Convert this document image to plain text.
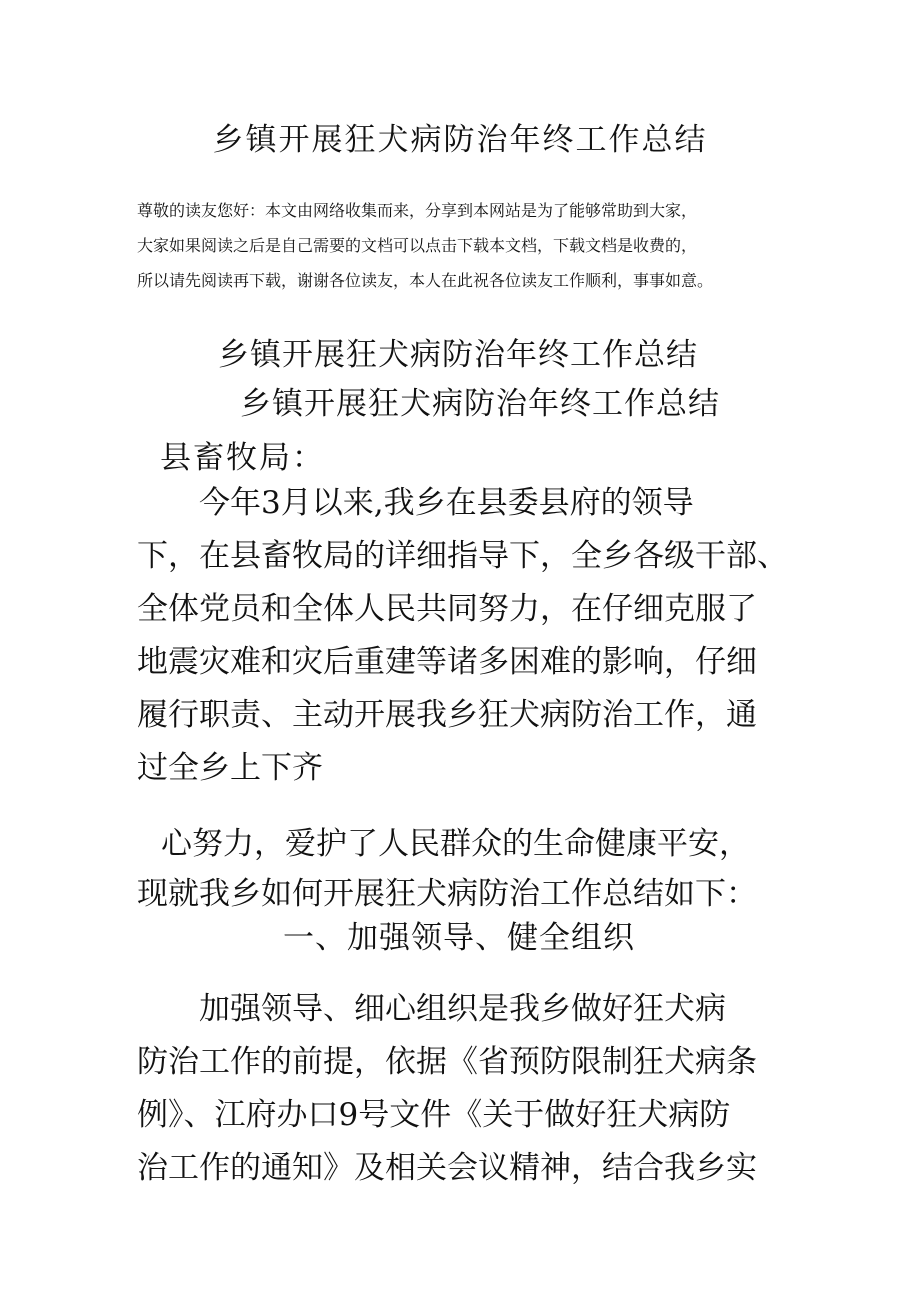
乡镇开展狂犬病防治年终工作总结

尊敬的读友您好：本文由网络收集而来，分享到本网站是为了能够常助到大家，

大家如果阅读之后是自己需要的文档可以点击下载本文档，下载文档是收费的，

所以请先阅读再下载，谢谢各位读友，本人在此祝各位读友工作顺利，事事如意。

乡镇开展狂犬病防治年终工作总结
乡镇开展狂犬病防治年终工作总结
县畜牧局：

　　今年3月以来,我乡在县委县府的领导

下，在县畜牧局的详细指导下，全乡各级干部、

全体党员和全体人民共同努力，在仔细克服了

地震灾难和灾后重建等诸多困难的影响，仔细

履行职责、主动开展我乡狂犬病防治工作，通

过全乡上下齐

心努力，爱护了人民群众的生命健康平安，

现就我乡如何开展狂犬病防治工作总结如下：

一、加强领导、健全组织

　　加强领导、细心组织是我乡做好狂犬病

防治工作的前提，依据《省预防限制狂犬病条

例》、江府办口9号文件《关于做好狂犬病防

治工作的通知》及相关会议精神，结合我乡实
